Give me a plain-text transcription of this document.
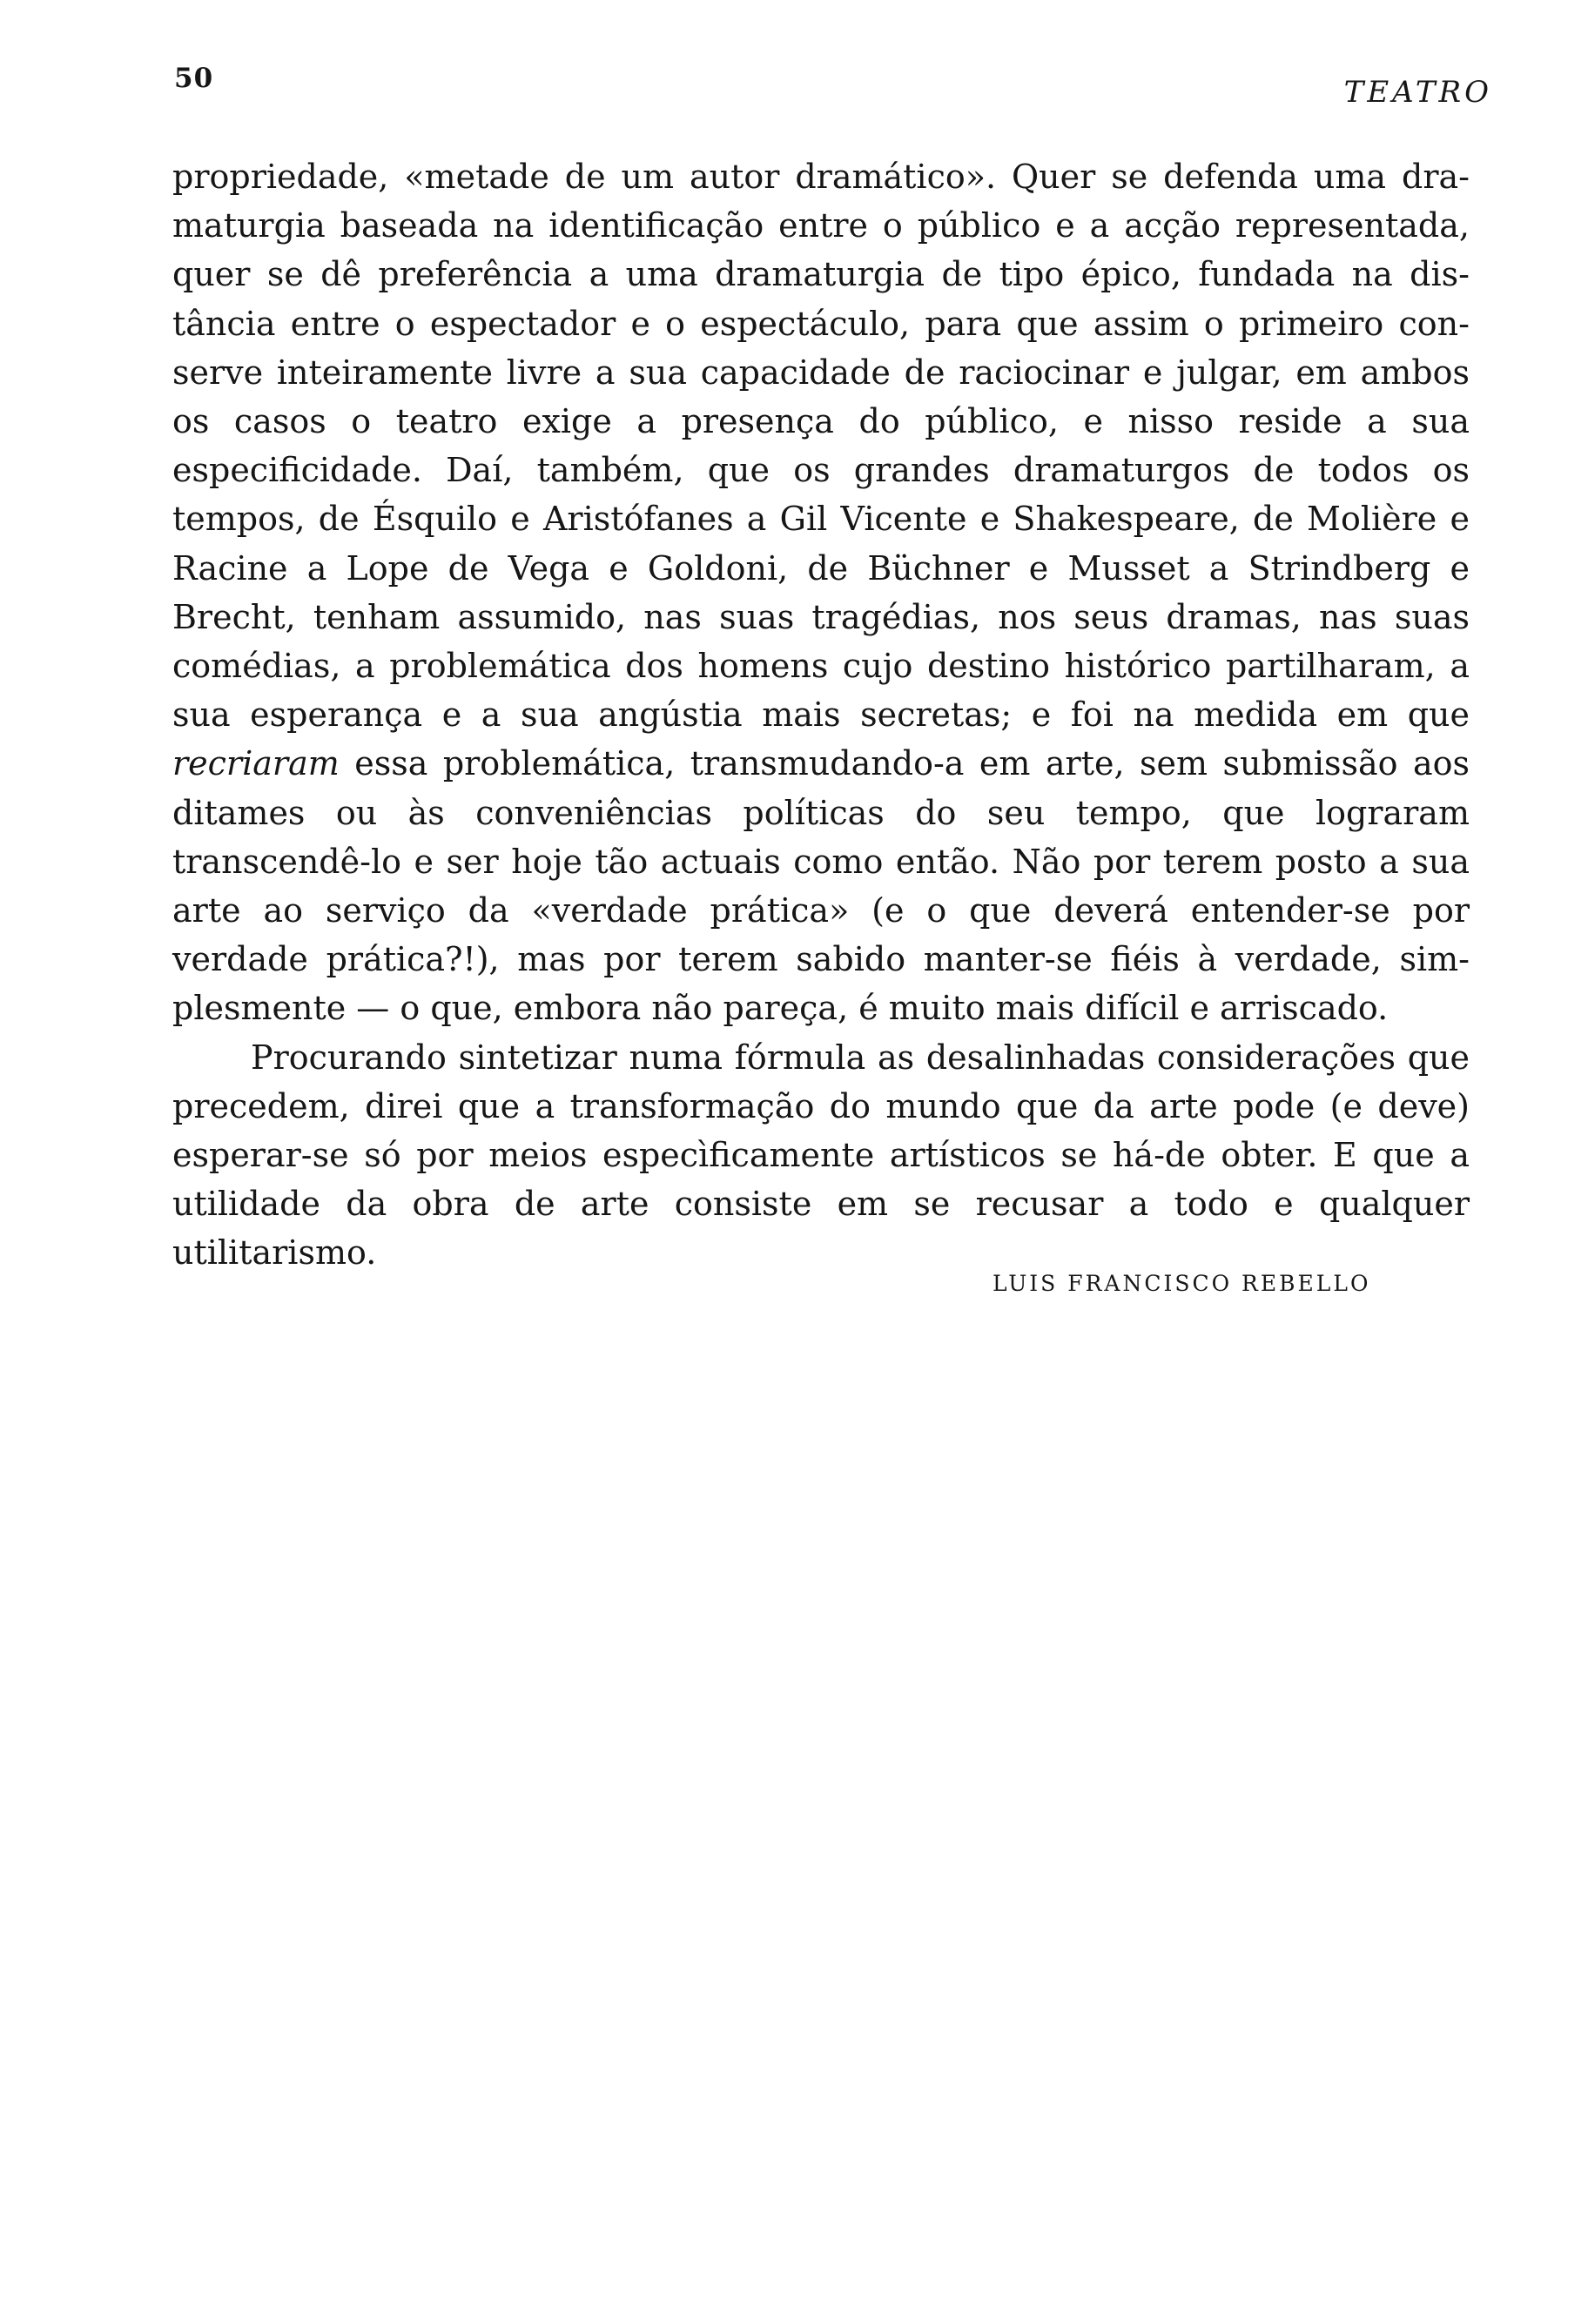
50	TEATRO

propriedade, «metade de um autor dramático». Quer se defenda uma dramaturgia baseada na identificação entre o público e a acção representada, quer se dê preferência a uma dramaturgia de tipo épico, fundada na distância entre o espectador e o espectáculo, para que assim o primeiro conserve inteiramente livre a sua capacidade de raciocinar e julgar, em ambos os casos o teatro exige a presença do público, e nisso reside a sua especificidade. Daí, também, que os grandes dramaturgos de todos os tempos, de Ésquilo e Aristófanes a Gil Vicente e Shakespeare, de Molière e Racine a Lope de Vega e Goldoni, de Büchner e Musset a Strindberg e Brecht, tenham assumido, nas suas tragédias, nos seus dramas, nas suas comédias, a problemática dos homens cujo destino histórico partilharam, a sua esperança e a sua angústia mais secretas; e foi na medida em que recriaram essa problemática, transmudando-a em arte, sem submissão aos ditames ou às conveniências políticas do seu tempo, que lograram transcendê-lo e ser hoje tão actuais como então. Não por terem posto a sua arte ao serviço da «verdade prática» (e o que deverá entender-se por verdade prática?!), mas por terem sabido manter-se fiéis à verdade, simplesmente — o que, embora não pareça, é muito mais difícil e arriscado.

Procurando sintetizar numa fórmula as desalinhadas considerações que precedem, direi que a transformação do mundo que da arte pode (e deve) esperar-se só por meios especìficamente artísticos se há-de obter. E que a utilidade da obra de arte consiste em se recusar a todo e qualquer utilitarismo.

LUIS FRANCISCO REBELLO
